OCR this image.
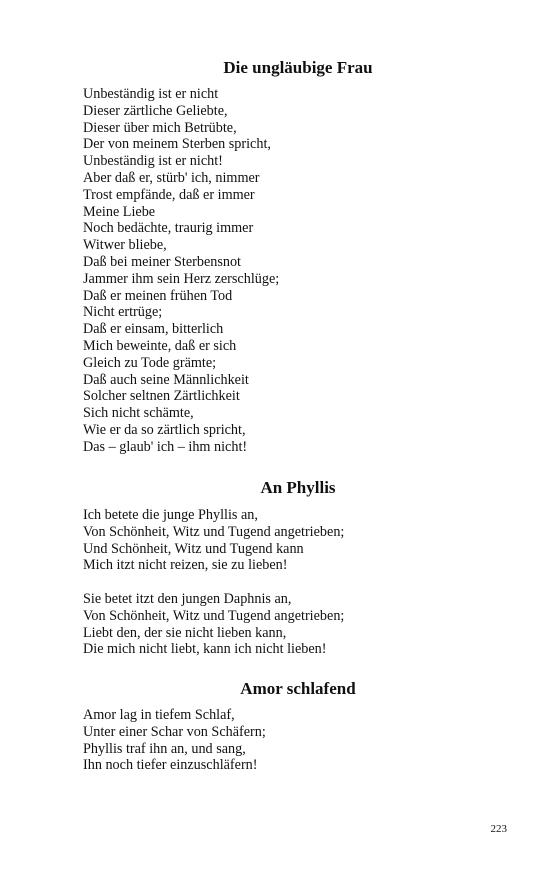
Die ungläubige Frau

Unbeständig ist er nicht
Dieser zärtliche Geliebte,
Dieser über mich Betrübte,
Der von meinem Sterben spricht,
Unbeständig ist er nicht!
Aber daß er, stürb' ich, nimmer
Trost empfände, daß er immer
Meine Liebe
Noch bedächte, traurig immer
Witwer bliebe,
Daß bei meiner Sterbensnot
Jammer ihm sein Herz zerschlüge;
Daß er meinen frühen Tod
Nicht ertrüge;
Daß er einsam, bitterlich
Mich beweinte, daß er sich
Gleich zu Tode grämte;
Daß auch seine Männlichkeit
Solcher seltnen Zärtlichkeit
Sich nicht schämte,
Wie er da so zärtlich spricht,
Das – glaub' ich – ihm nicht!

An Phyllis

Ich betete die junge Phyllis an,
Von Schönheit, Witz und Tugend angetrieben;
Und Schönheit, Witz und Tugend kann
Mich itzt nicht reizen, sie zu lieben!

Sie betet itzt den jungen Daphnis an,
Von Schönheit, Witz und Tugend angetrieben;
Liebt den, der sie nicht lieben kann,
Die mich nicht liebt, kann ich nicht lieben!

Amor schlafend

Amor lag in tiefem Schlaf,
Unter einer Schar von Schäfern;
Phyllis traf ihn an, und sang,
Ihn noch tiefer einzuschläfern!

223
